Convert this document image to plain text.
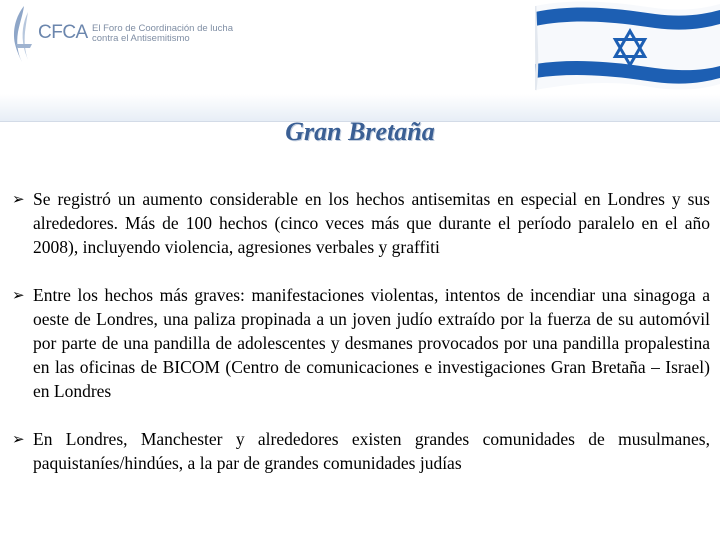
CFCA El Foro de Coordinación de lucha contra el Antisemitismo
Gran Bretaña
➢ Se registró un aumento considerable en los hechos antisemitas en especial en Londres y sus alrededores. Más de 100 hechos (cinco veces más que durante el período paralelo en el año 2008), incluyendo violencia, agresiones verbales y graffiti
➢ Entre los hechos más graves: manifestaciones violentas, intentos de incendiar una sinagoga a oeste de Londres, una paliza propinada a un joven judío extraído por la fuerza de su automóvil por parte de una pandilla de adolescentes y desmanes provocados por una pandilla propalestina en las oficinas de BICOM (Centro de comunicaciones e investigaciones Gran Bretaña – Israel) en Londres
➢ En Londres, Manchester y alrededores existen grandes comunidades de musulmanes, paquistaníes/hindúes, a la par de grandes comunidades judías
